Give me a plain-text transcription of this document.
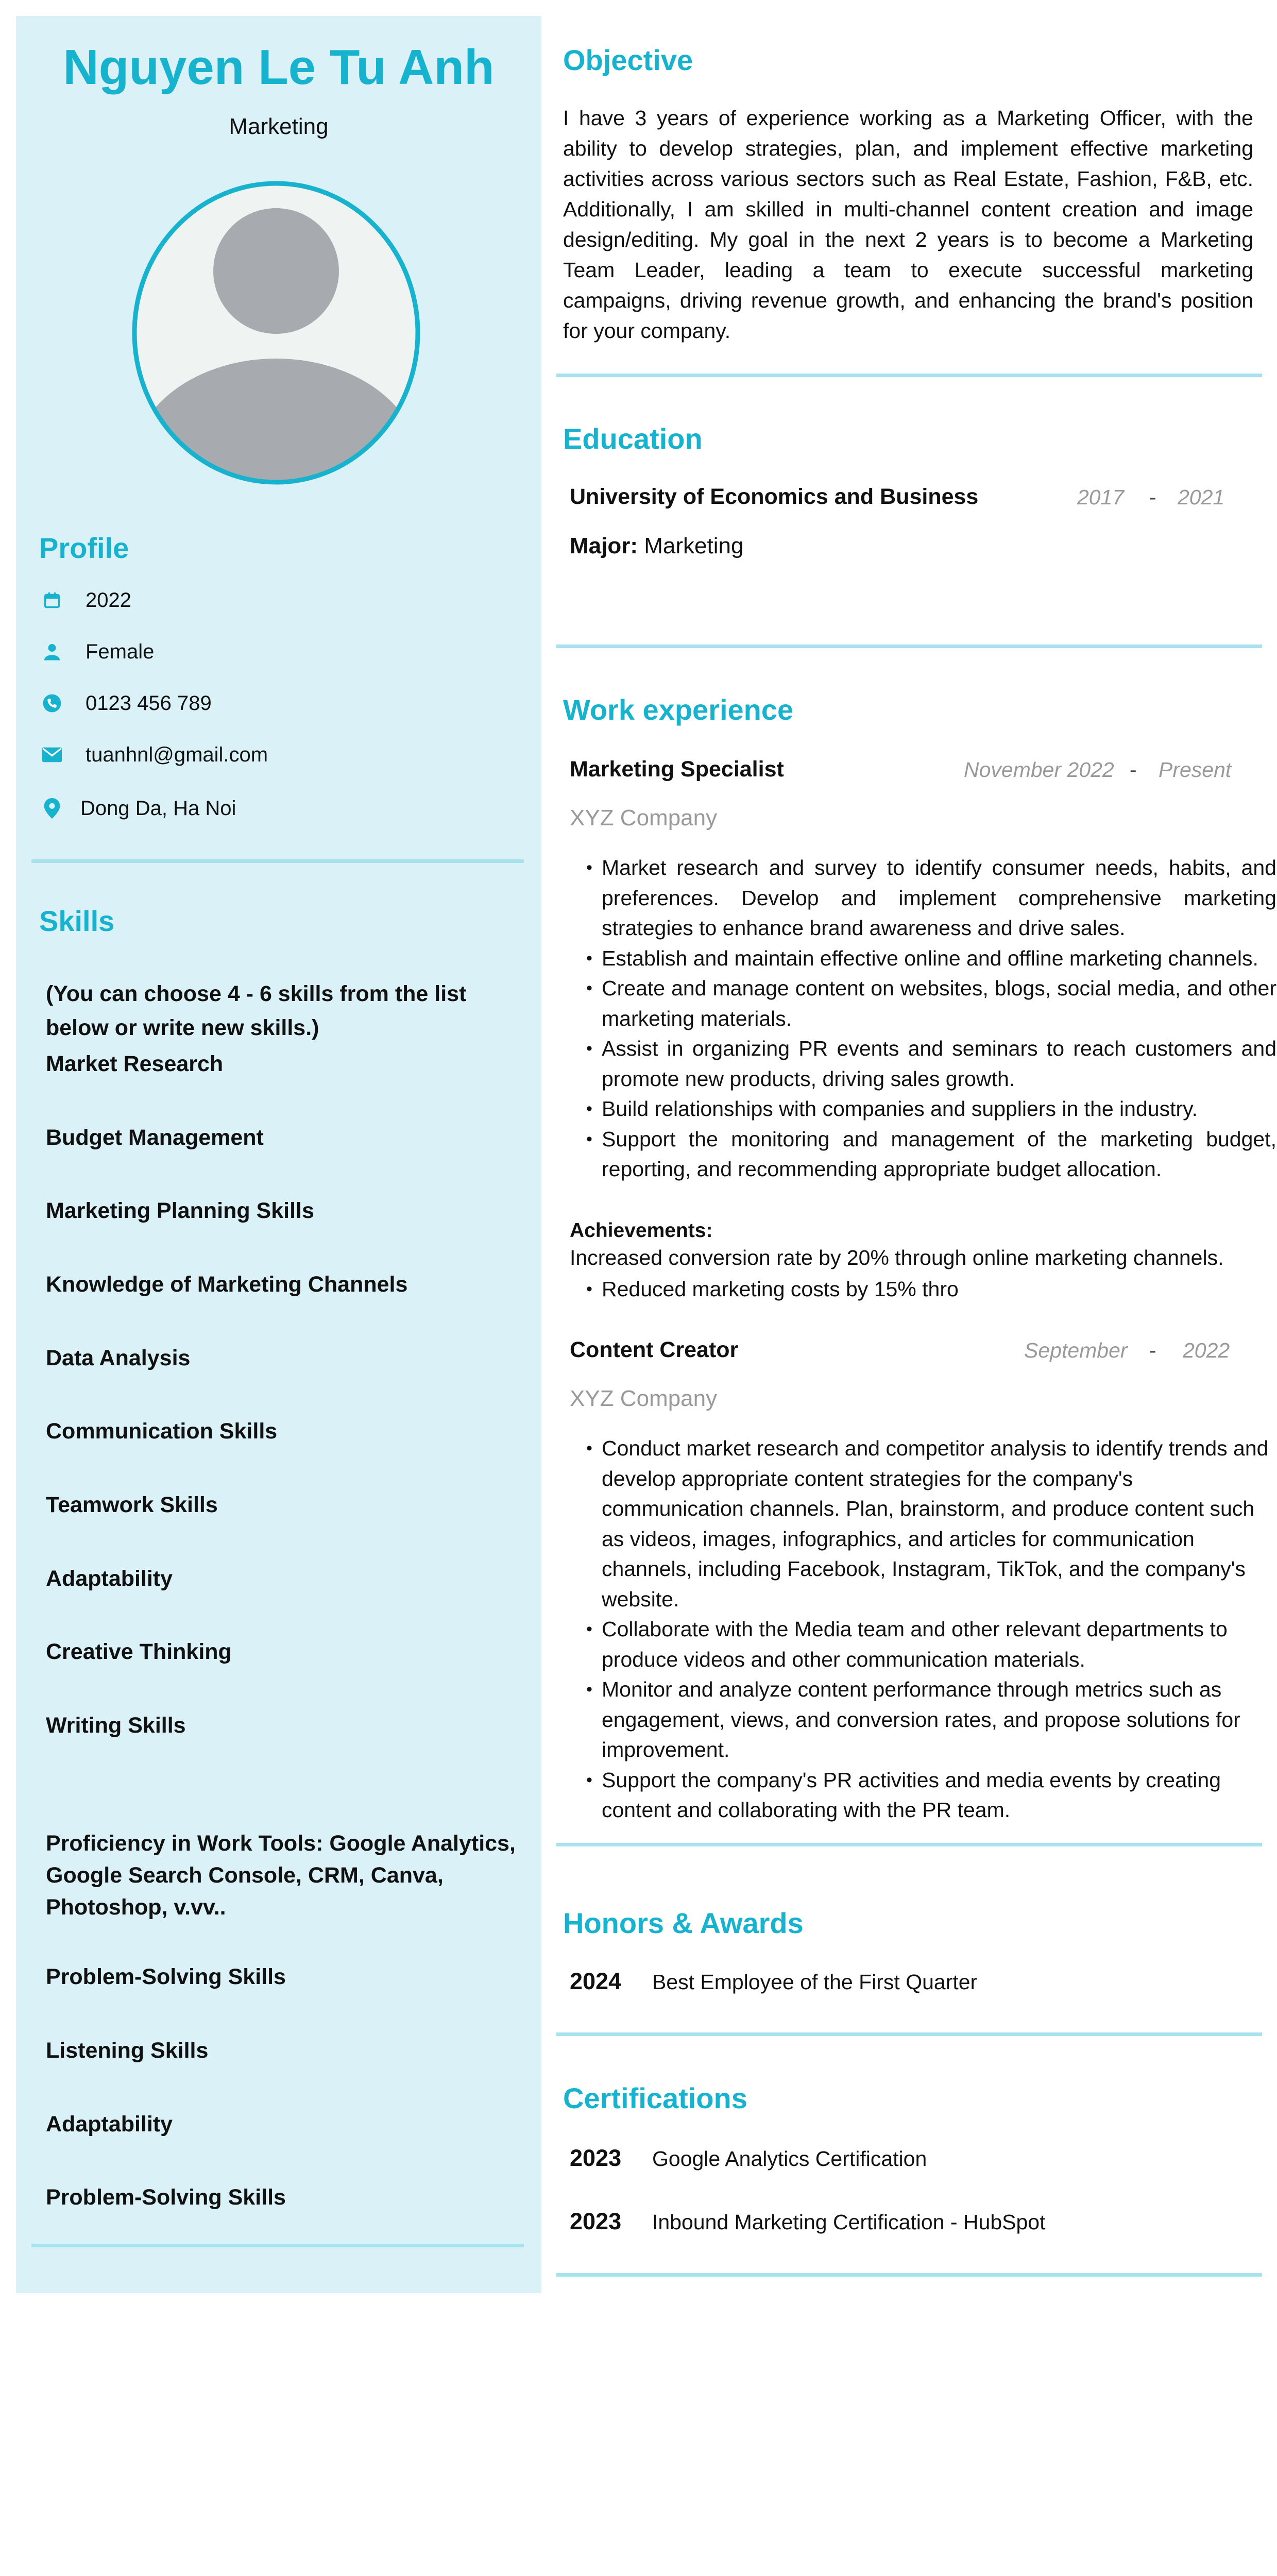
Nguyen Le Tu Anh
Marketing
Profile
2022
Female
0123 456 789
tuanhnl@gmail.com
Dong Da, Ha Noi
Skills
(You can choose 4 - 6 skills from the list below or write new skills.)
Market Research
Budget Management
Marketing Planning Skills
Knowledge of Marketing Channels
Data Analysis
Communication Skills
Teamwork Skills
Adaptability
Creative Thinking
Writing Skills
Proficiency in Work Tools: Google Analytics, Google Search Console, CRM, Canva, Photoshop, v.vv..
Problem-Solving Skills
Listening Skills
Adaptability
Problem-Solving Skills
Objective
I have 3 years of experience working as a Marketing Officer, with the ability to develop strategies, plan, and implement effective marketing activities across various sectors such as Real Estate, Fashion, F&B, etc. Additionally, I am skilled in multi-channel content creation and image design/editing. My goal in the next 2 years is to become a Marketing Team Leader, leading a team to execute successful marketing campaigns, driving revenue growth, and enhancing the brand's position for your company.
Education
University of Economics and Business	2017 - 2021
Major: Marketing
Work experience
Marketing Specialist	November 2022 - Present
XYZ Company
• Market research and survey to identify consumer needs, habits, and preferences. Develop and implement comprehensive marketing strategies to enhance brand awareness and drive sales.
• Establish and maintain effective online and offline marketing channels.
• Create and manage content on websites, blogs, social media, and other marketing materials.
• Assist in organizing PR events and seminars to reach customers and promote new products, driving sales growth.
• Build relationships with companies and suppliers in the industry.
• Support the monitoring and management of the marketing budget, reporting, and recommending appropriate budget allocation.
Achievements:
Increased conversion rate by 20% through online marketing channels.
• Reduced marketing costs by 15% thro
Content Creator	September - 2022
XYZ Company
• Conduct market research and competitor analysis to identify trends and develop appropriate content strategies for the company's communication channels. Plan, brainstorm, and produce content such as videos, images, infographics, and articles for communication channels, including Facebook, Instagram, TikTok, and the company's website.
• Collaborate with the Media team and other relevant departments to produce videos and other communication materials.
• Monitor and analyze content performance through metrics such as engagement, views, and conversion rates, and propose solutions for improvement.
• Support the company's PR activities and media events by creating content and collaborating with the PR team.
Honors & Awards
2024	Best Employee of the First Quarter
Certifications
2023	Google Analytics Certification
2023	Inbound Marketing Certification - HubSpot
